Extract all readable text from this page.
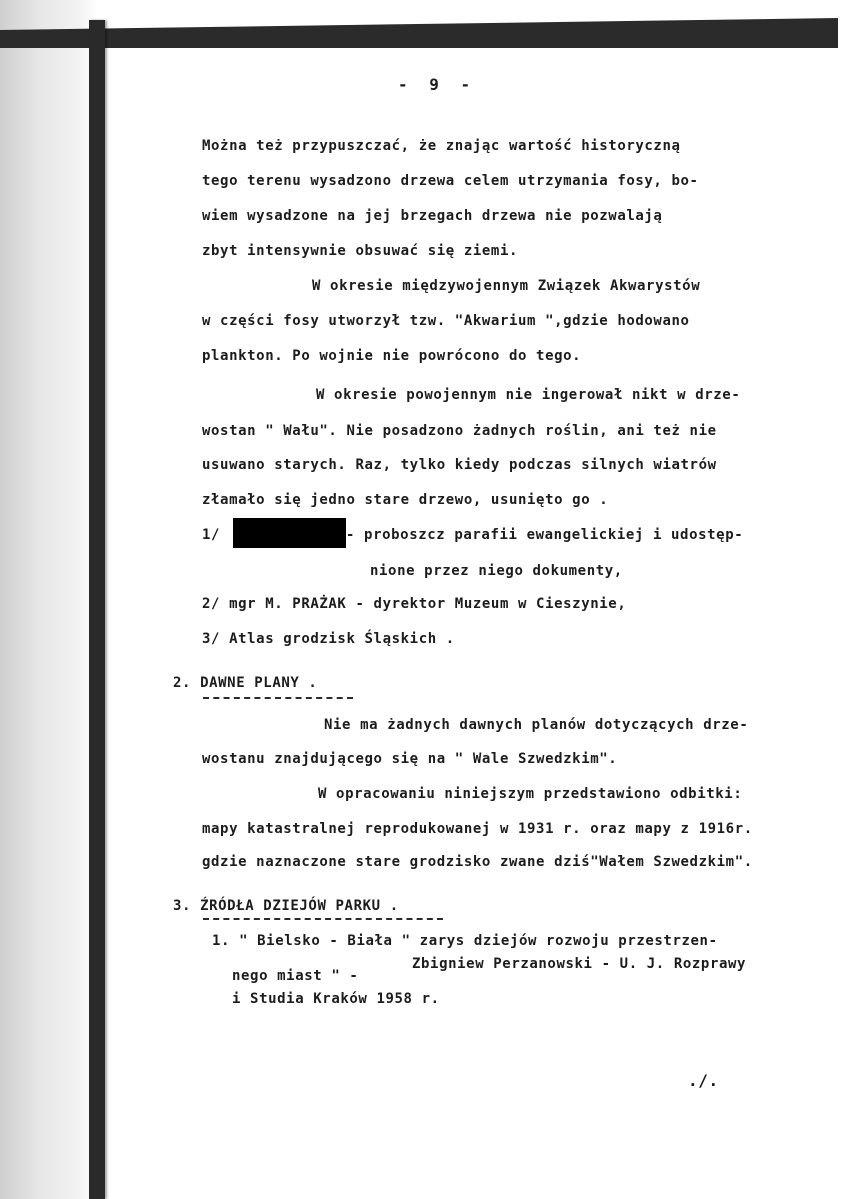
- 9 -
Można też przypuszczać, że znając wartość historyczną
tego terenu wysadzono drzewa celem utrzymania fosy, bo-
wiem wysadzone na jej brzegach drzewa nie pozwalają
zbyt intensywnie obsuwać się ziemi.
W okresie międzywojennym Związek Akwarystów
w części fosy utworzył tzw. "Akwarium ",gdzie hodowano
plankton. Po wojnie nie powrócono do tego.
W okresie powojennym nie ingerował nikt w drze-
wostan " Wału". Nie posadzono żadnych roślin, ani też nie
usuwano starych. Raz, tylko kiedy podczas silnych wiatrów
złamało się jedno stare drzewo, usunięto go .
1/	- proboszcz parafii ewangelickiej i udostęp-
nione przez niego dokumenty,
2/ mgr M. PRAŻAK - dyrektor Muzeum w Cieszynie,
3/ Atlas grodzisk Śląskich .
2. DAWNE PLANY .
Nie ma żadnych dawnych planów dotyczących drze-
wostanu znajdującego się na " Wale Szwedzkim".
W opracowaniu niniejszym przedstawiono odbitki:
mapy katastralnej reprodukowanej w 1931 r. oraz mapy z 1916r.
gdzie naznaczone stare grodzisko zwane dziś"Wałem Szwedzkim".
3. ŹRÓDŁA DZIEJÓW PARKU .
1. " Bielsko - Biała " zarys dziejów rozwoju przestrzen-
nego miast " -
Zbigniew Perzanowski - U. J. Rozprawy
i Studia Kraków 1958 r.
./.
